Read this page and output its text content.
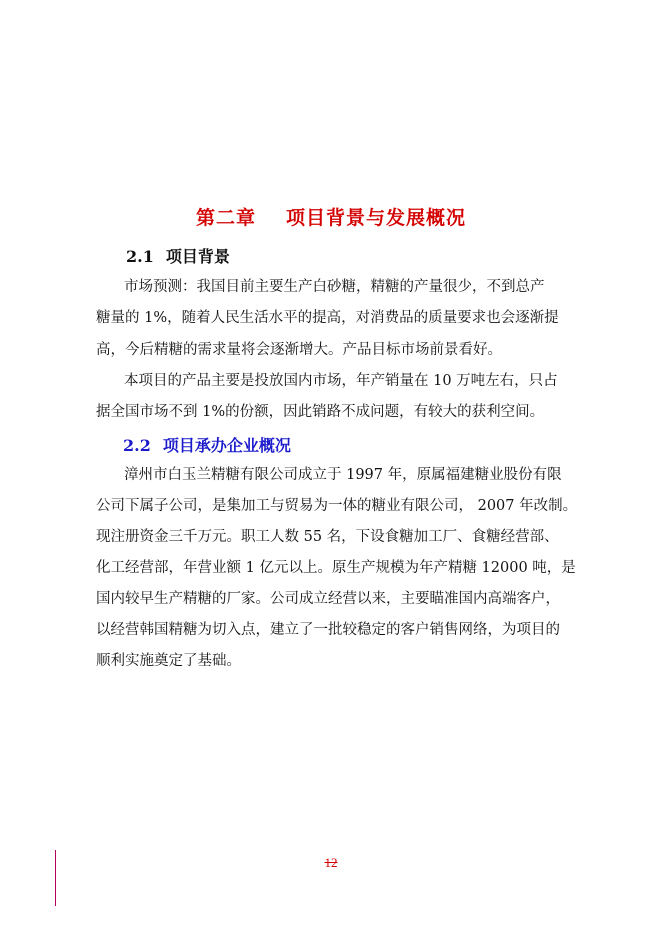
第二章 项目背景与发展概况
2.1 项目背景
市场预测：我国目前主要生产白砂糖，精糖的产量很少，不到总产
糖量的 1%，随着人民生活水平的提高，对消费品的质量要求也会逐渐提
高，今后精糖的需求量将会逐渐增大。产品目标市场前景看好。
本项目的产品主要是投放国内市场，年产销量在 10 万吨左右，只占
据全国市场不到 1%的份额，因此销路不成问题，有较大的获利空间。
2.2 项目承办企业概况
漳州市白玉兰精糖有限公司成立于 1997 年，原属福建糖业股份有限
公司下属子公司，是集加工与贸易为一体的糖业有限公司， 2007 年改制。
现注册资金三千万元。职工人数 55 名，下设食糖加工厂、食糖经营部、
化工经营部，年营业额 1 亿元以上。原生产规模为年产精糖 12000 吨，是
国内较早生产精糖的厂家。公司成立经营以来，主要瞄准国内高端客户，
以经营韩国精糖为切入点，建立了一批较稳定的客户销售网络，为项目的
顺利实施奠定了基础。
12
